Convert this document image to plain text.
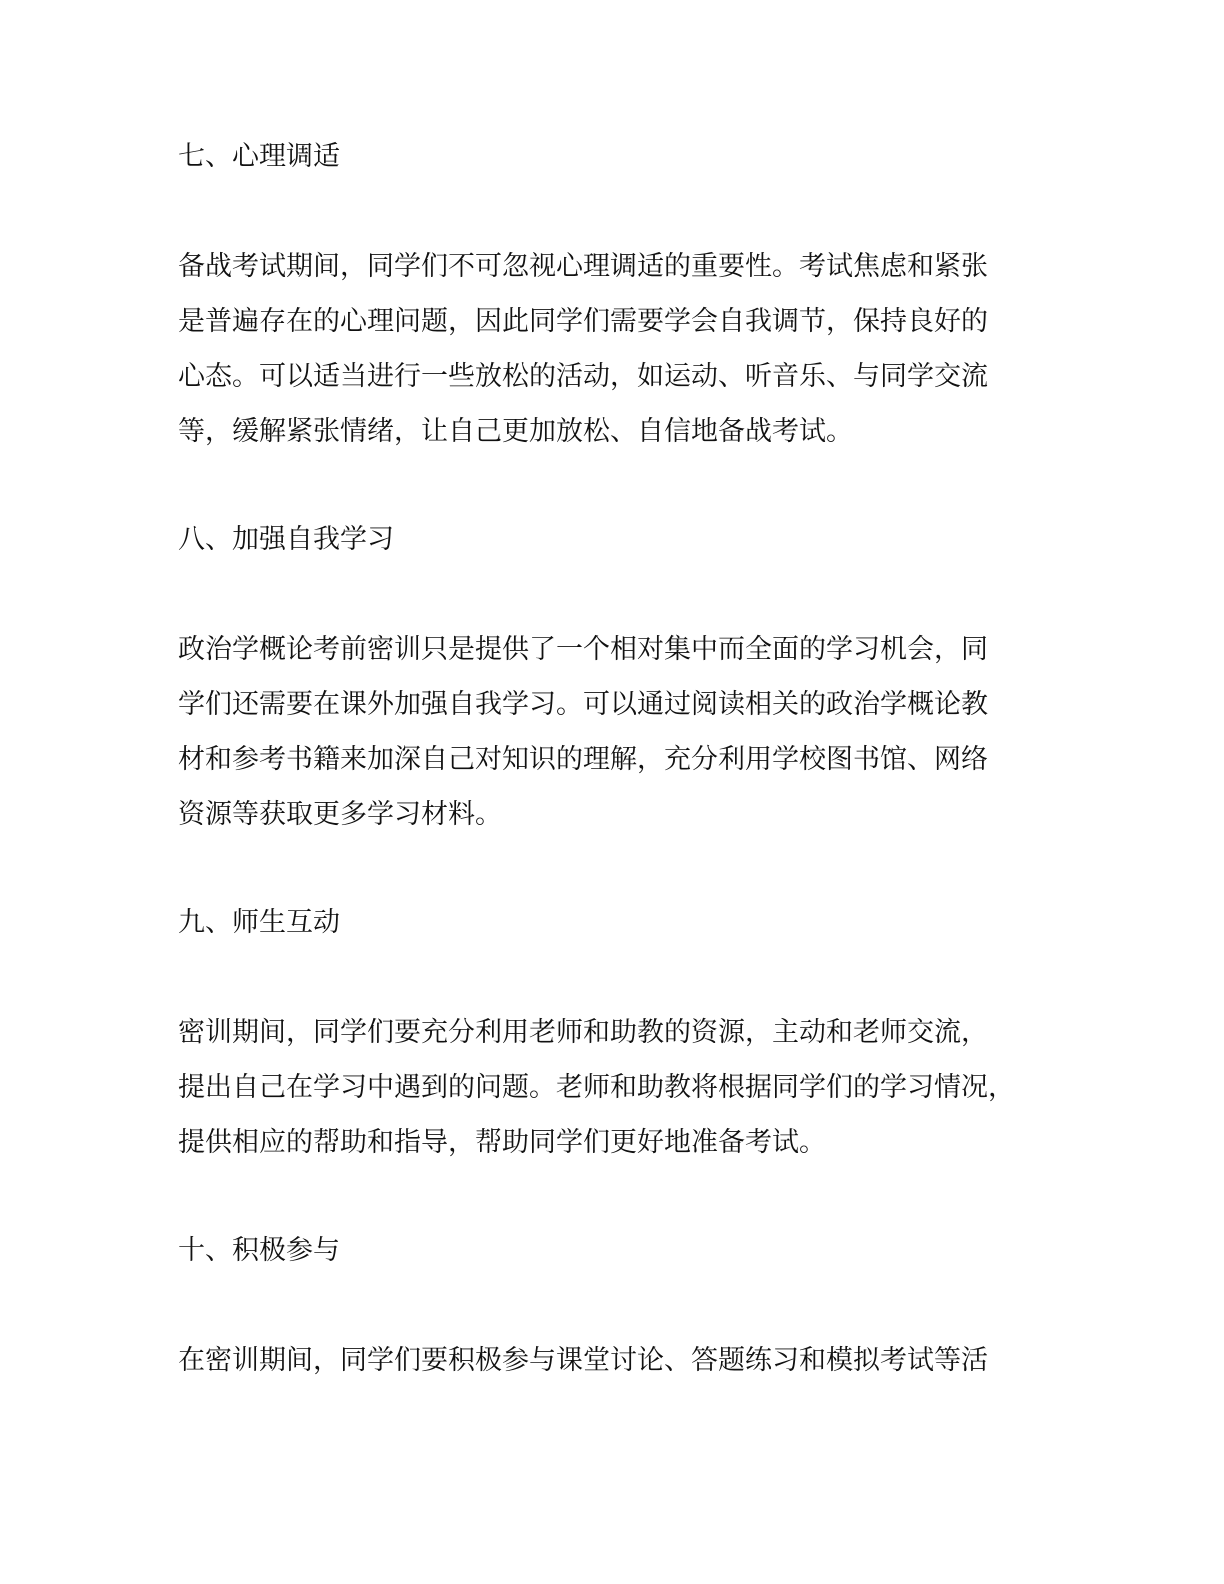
七、心理调适
备战考试期间，同学们不可忽视心理调适的重要性。考试焦虑和紧张
是普遍存在的心理问题，因此同学们需要学会自我调节，保持良好的
心态。可以适当进行一些放松的活动，如运动、听音乐、与同学交流
等，缓解紧张情绪，让自己更加放松、自信地备战考试。
八、加强自我学习
政治学概论考前密训只是提供了一个相对集中而全面的学习机会，同
学们还需要在课外加强自我学习。可以通过阅读相关的政治学概论教
材和参考书籍来加深自己对知识的理解，充分利用学校图书馆、网络
资源等获取更多学习材料。
九、师生互动
密训期间，同学们要充分利用老师和助教的资源，主动和老师交流，
提出自己在学习中遇到的问题。老师和助教将根据同学们的学习情况，
提供相应的帮助和指导，帮助同学们更好地准备考试。
十、积极参与
在密训期间，同学们要积极参与课堂讨论、答题练习和模拟考试等活
